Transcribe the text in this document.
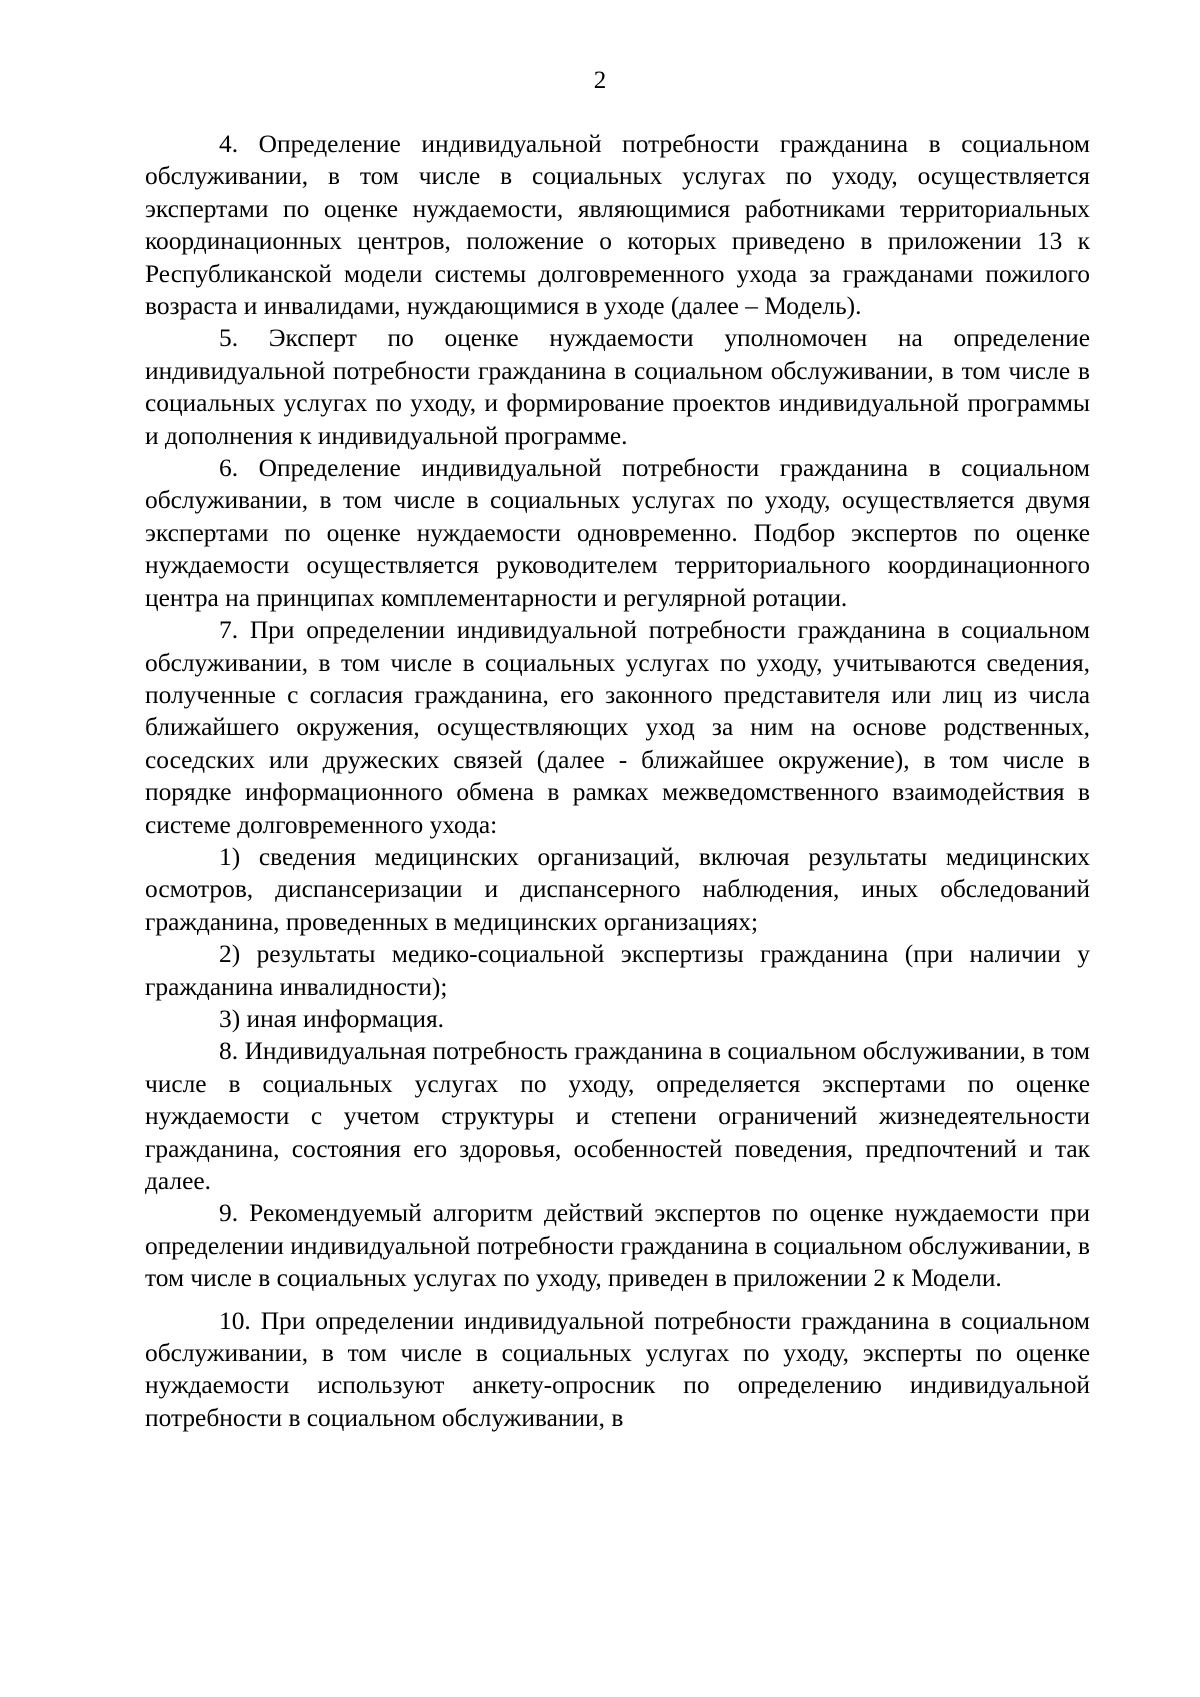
2

4. Определение индивидуальной потребности гражданина в социальном обслуживании, в том числе в социальных услугах по уходу, осуществляется экспертами по оценке нуждаемости, являющимися работниками территориальных координационных центров, положение о которых приведено в приложении 13 к Республиканской модели системы долговременного ухода за гражданами пожилого возраста и инвалидами, нуждающимися в уходе (далее – Модель).

5. Эксперт по оценке нуждаемости уполномочен на определение индивидуальной потребности гражданина в социальном обслуживании, в том числе в социальных услугах по уходу, и формирование проектов индивидуальной программы и дополнения к индивидуальной программе.

6. Определение индивидуальной потребности гражданина в социальном обслуживании, в том числе в социальных услугах по уходу, осуществляется двумя экспертами по оценке нуждаемости одновременно. Подбор экспертов по оценке нуждаемости осуществляется руководителем территориального координационного центра на принципах комплементарности и регулярной ротации.

7. При определении индивидуальной потребности гражданина в социальном обслуживании, в том числе в социальных услугах по уходу, учитываются сведения, полученные с согласия гражданина, его законного представителя или лиц из числа ближайшего окружения, осуществляющих уход за ним на основе родственных, соседских или дружеских связей (далее - ближайшее окружение), в том числе в порядке информационного обмена в рамках межведомственного взаимодействия в системе долговременного ухода:

1) сведения медицинских организаций, включая результаты медицинских осмотров, диспансеризации и диспансерного наблюдения, иных обследований гражданина, проведенных в медицинских организациях;

2) результаты медико-социальной экспертизы гражданина (при наличии у гражданина инвалидности);

3) иная информация.

8. Индивидуальная потребность гражданина в социальном обслуживании, в том числе в социальных услугах по уходу, определяется экспертами по оценке нуждаемости с учетом структуры и степени ограничений жизнедеятельности гражданина, состояния его здоровья, особенностей поведения, предпочтений и так далее.

9. Рекомендуемый алгоритм действий экспертов по оценке нуждаемости при определении индивидуальной потребности гражданина в социальном обслуживании, в том числе в социальных услугах по уходу, приведен в приложении 2 к Модели.

10. При определении индивидуальной потребности гражданина в социальном обслуживании, в том числе в социальных услугах по уходу, эксперты по оценке нуждаемости используют анкету-опросник по определению индивидуальной потребности в социальном обслуживании, в
